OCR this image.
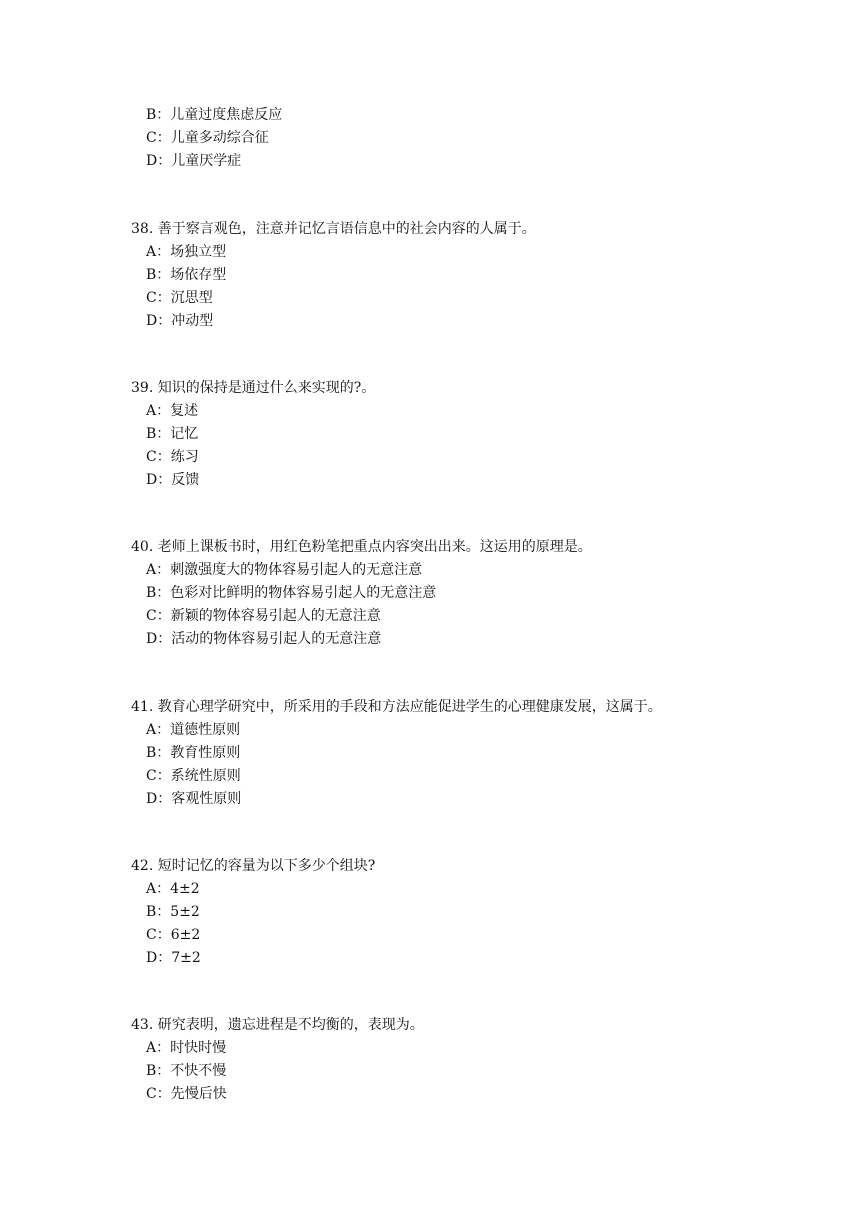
B：儿童过度焦虑反应
C：儿童多动综合征
D：儿童厌学症
38. 善于察言观色，注意并记忆言语信息中的社会内容的人属于。
A：场独立型
B：场依存型
C：沉思型
D：冲动型
39. 知识的保持是通过什么来实现的?。
A：复述
B：记忆
C：练习
D：反馈
40. 老师上课板书时，用红色粉笔把重点内容突出出来。这运用的原理是。
A：刺激强度大的物体容易引起人的无意注意
B：色彩对比鲜明的物体容易引起人的无意注意
C：新颖的物体容易引起人的无意注意
D：活动的物体容易引起人的无意注意
41. 教育心理学研究中，所采用的手段和方法应能促进学生的心理健康发展，这属于。
A：道德性原则
B：教育性原则
C：系统性原则
D：客观性原则
42. 短时记忆的容量为以下多少个组块?
A：4±2
B：5±2
C：6±2
D：7±2
43. 研究表明，遗忘进程是不均衡的，表现为。
A：时快时慢
B：不快不慢
C：先慢后快
